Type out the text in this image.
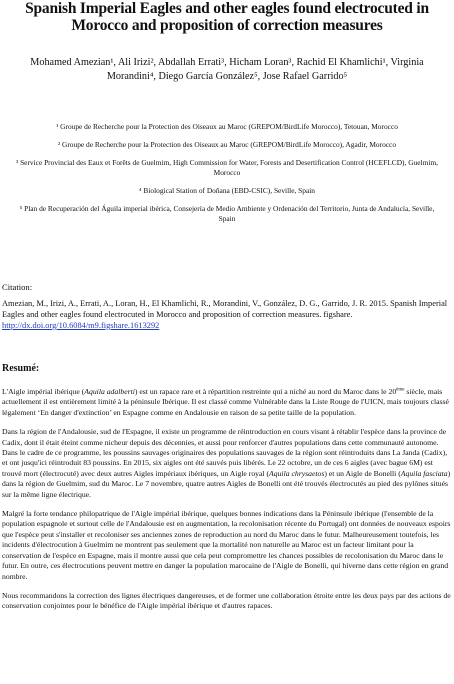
Spanish Imperial Eagles and other eagles found electrocuted in Morocco and proposition of correction measures
Mohamed Amezian¹, Ali Irizi², Abdallah Errati³, Hicham Loran³, Rachid El Khamlichi¹, Virginia
Morandini⁴, Diego García González⁵, Jose Rafael Garrido⁵
¹ Groupe de Recherche pour la Protection des Oiseaux au Maroc (GREPOM/BirdLife Morocco), Tetouan, Morocco
² Groupe de Recherche pour la Protection des Oiseaux au Maroc (GREPOM/BirdLife Morocco), Agadir, Morocco
³ Service Provincial des Eaux et Forêts de Guelmim, High Commission for Water, Forests and Desertification Control (HCEFLCD), Guelmim, Morocco
⁴ Biological Station of Doñana (EBD-CSIC), Seville, Spain
⁵ Plan de Recuperación del Águila imperial ibérica, Consejería de Medio Ambiente y Ordenación del Territorio, Junta de Andalucía, Seville, Spain
Citation:
Amezian, M., Irizi, A., Errati, A., Loran, H., El Khamlichi, R., Morandini, V., González, D. G., Garrido, J. R. 2015. Spanish Imperial Eagles and other eagles found electrocuted in Morocco and proposition of correction measures. figshare. http://dx.doi.org/10.6084/m9.figshare.1613292
Resumé:

L'Aigle impérial ibérique (Aquila adalberti) est un rapace rare et à répartition restreinte qui a niché au nord du Maroc dans le 20ème siècle, mais actuellement il est entièrement limité à la péninsule Ibérique. Il est classé comme Vulnérable dans la Liste Rouge de l'UICN, mais toujours classé légalement ‘En danger d'extinction’ en Espagne comme en Andalousie en raison de sa petite taille de la population.

Dans la région de l'Andalousie, sud de l'Espagne, il existe un programme de réintroduction en cours visant à rétablir l'espèce dans la province de Cadix, dont il était éteint comme nicheur depuis des décennies, et aussi pour renforcer d'autres populations dans cette communauté autonome. Dans le cadre de ce programme, les poussins sauvages originaires des populations sauvages de la région sont réintroduits dans La Janda (Cadix), et ont jusqu'ici réintroduit 83 poussins. En 2015, six aigles ont été sauvés puis libérés. Le 22 octobre, un de ces 6 aigles (avec bague 6M) est trouvé mort (électrocuté) avec deux autres Aigles impériaux ibériques, un Aigle royal (Aquila chrysaetos) et un Aigle de Bonelli (Aquila fasciata) dans la région de Guelmim, sud du Maroc. Le 7 novembre, quatre autres Aigles de Bonelli ont été trouvés électrocutés au pied des pylônes situés sur la même ligne électrique.

Malgré la forte tendance philopatrique de l'Aigle impérial ibérique, quelques bonnes indications dans la Péninsule ibérique (l'ensemble de la population espagnole et surtout celle de l'Andalousie est en augmentation, la recolonisation récente du Portugal) ont données de nouveaux espoirs que l'espèce peut s'installer et recoloniser ses anciennes zones de reproduction au nord du Maroc dans le futur. Malheureusement toutefois, les incidents d'électrocution à Guelmim ne montrent pas seulement que la mortalité non naturelle au Maroc est un facteur limitant pour la conservation de l'espèce en Espagne, mais il montre aussi que cela peut compromettre les chances possibles de recolonisation du Maroc dans le futur. En outre, ces électrocutions peuvent mettre en danger la population marocaine de l'Aigle de Bonelli, qui hiverne dans cette région en grand nombre.

Nous recommandons la correction des lignes électriques dangereuses, et de former une collaboration étroite entre les deux pays par des actions de conservation conjointes pour le bénéfice de l'Aigle impérial ibérique et d'autres rapaces.
